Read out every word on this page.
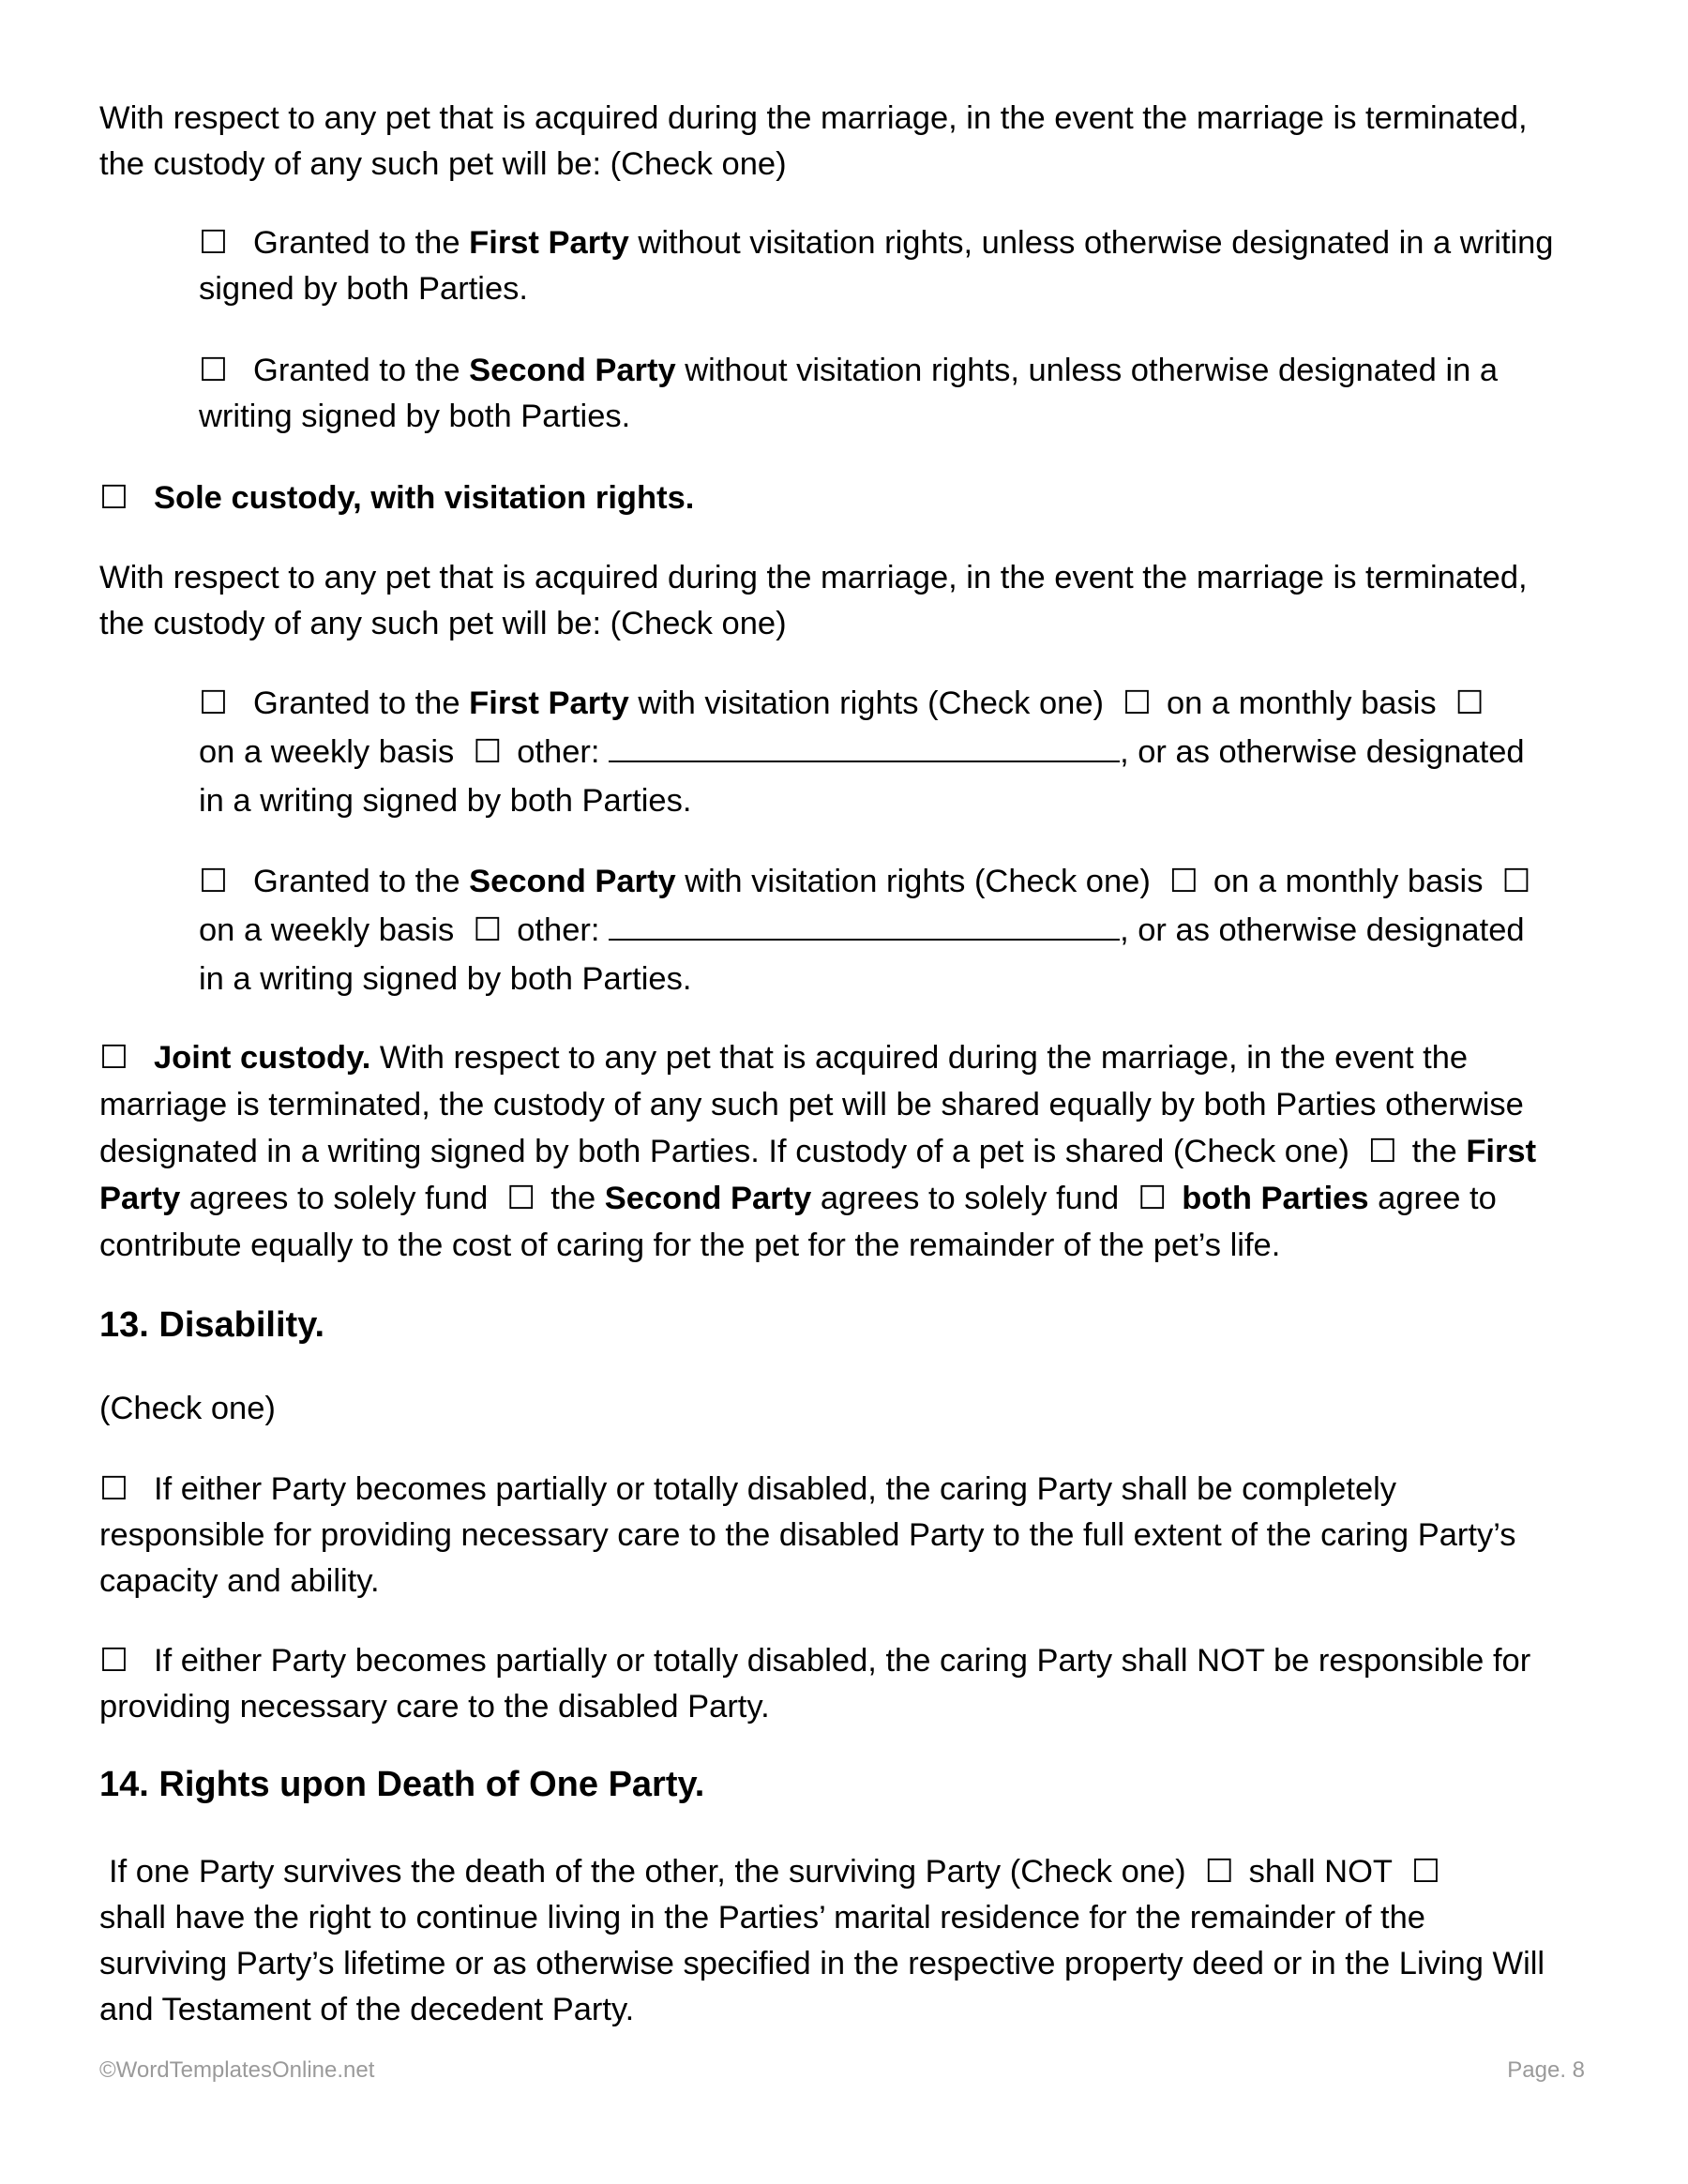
With respect to any pet that is acquired during the marriage, in the event the marriage is terminated,
the custody of any such pet will be: (Check one)

☐ Granted to the First Party without visitation rights, unless otherwise designated in a writing
signed by both Parties.

☐ Granted to the Second Party without visitation rights, unless otherwise designated in a
writing signed by both Parties.

☐ Sole custody, with visitation rights.

With respect to any pet that is acquired during the marriage, in the event the marriage is terminated,
the custody of any such pet will be: (Check one)

☐ Granted to the First Party with visitation rights (Check one) ☐ on a monthly basis ☐
on a weekly basis ☐ other:	, or as otherwise designated
in a writing signed by both Parties.

☐ Granted to the Second Party with visitation rights (Check one) ☐ on a monthly basis ☐
on a weekly basis ☐ other:	, or as otherwise designated
in a writing signed by both Parties.

☐ Joint custody. With respect to any pet that is acquired during the marriage, in the event the
marriage is terminated, the custody of any such pet will be shared equally by both Parties otherwise
designated in a writing signed by both Parties. If custody of a pet is shared (Check one) ☐ the First
Party agrees to solely fund ☐ the Second Party agrees to solely fund ☐ both Parties agree to
contribute equally to the cost of caring for the pet for the remainder of the pet’s life.

13. Disability.

(Check one)

☐ If either Party becomes partially or totally disabled, the caring Party shall be completely
responsible for providing necessary care to the disabled Party to the full extent of the caring Party’s
capacity and ability.

☐ If either Party becomes partially or totally disabled, the caring Party shall NOT be responsible for
providing necessary care to the disabled Party.

14. Rights upon Death of One Party.

If one Party survives the death of the other, the surviving Party (Check one) ☐ shall NOT ☐

shall have the right to continue living in the Parties’ marital residence for the remainder of the
surviving Party’s lifetime or as otherwise specified in the respective property deed or in the Living Will
and Testament of the decedent Party.

©WordTemplatesOnline.net	Page. 8
